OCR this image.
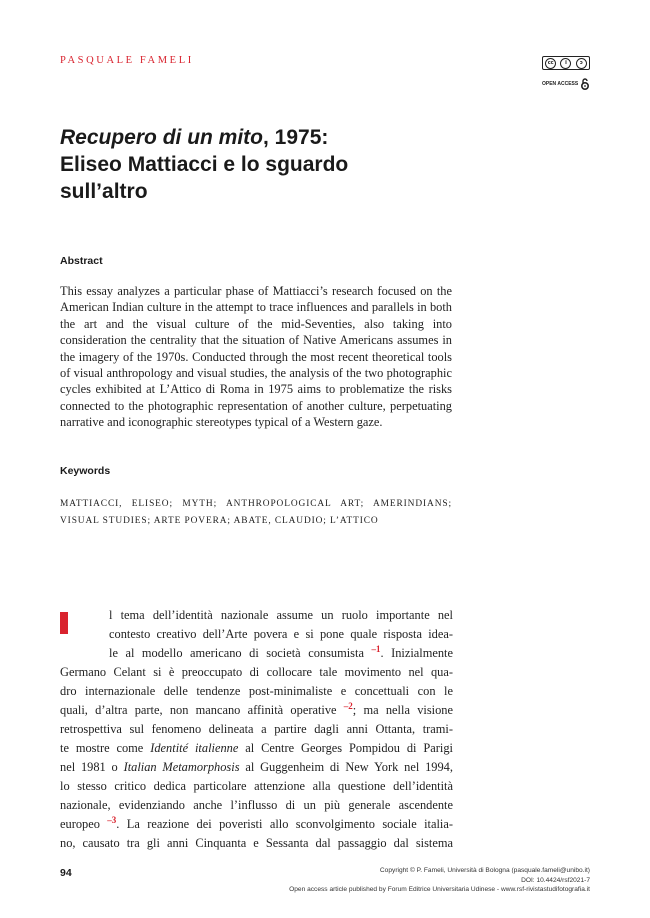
PASQUALE FAMELI	cc	i	ↄ
OPEN ACCESS
Recupero di un mito, 1975:
Eliseo Mattiacci e lo sguardo
sull’altro
Abstract

This essay analyzes a particular phase of Mattiacci’s research focused on the American Indian culture in the attempt to trace influences and parallels in both the art and the visual culture of the mid-Seventies, also taking into consideration the centrality that the situation of Native Americans assumes in the imagery of the 1970s. Conducted through the most recent theoretical tools of visual anthropology and visual studies, the analysis of the two photographic cycles exhibited at L’Attico di Roma in 1975 aims to problematize the risks connected to the photographic representation of another culture, perpetuating narrative and iconographic stereotypes typical of a Western gaze.

Keywords

MATTIACCI, ELISEO; MYTH; ANTHROPOLOGICAL ART; AMERINDIANS; VISUAL STUDIES; ARTE POVERA; ABATE, CLAUDIO; L’ATTICO

l tema dell’identità nazionale assume un ruolo importante nel
contesto creativo dell’Arte povera e si pone quale risposta idea-
le al modello americano di società consumista $^{-1}$. Inizialmente
Germano Celant si è preoccupato di collocare tale movimento nel qua-
dro internazionale delle tendenze post-minimaliste e concettuali con le
quali, d’altra parte, non mancano affinità operative $^{-2}$; ma nella visione
retrospettiva sul fenomeno delineata a partire dagli anni Ottanta, trami-
te mostre come Identité italienne al Centre Georges Pompidou di Parigi
nel 1981 o Italian Metamorphosis al Guggenheim di New York nel 1994,
lo stesso critico dedica particolare attenzione alla questione dell’identità
nazionale, evidenziando anche l’influsso di un più generale ascendente
europeo $^{-3}$. La reazione dei poveristi allo sconvolgimento sociale italia-
no, causato tra gli anni Cinquanta e Sessanta dal passaggio dal sistema
94	Copyright © P. Fameli, Università di Bologna (pasquale.fameli@unibo.it)
DOI: 10.4424/rsf2021-7
Open access article published by Forum Editrice Universitaria Udinese - www.rsf-rivistastudifotografia.it
